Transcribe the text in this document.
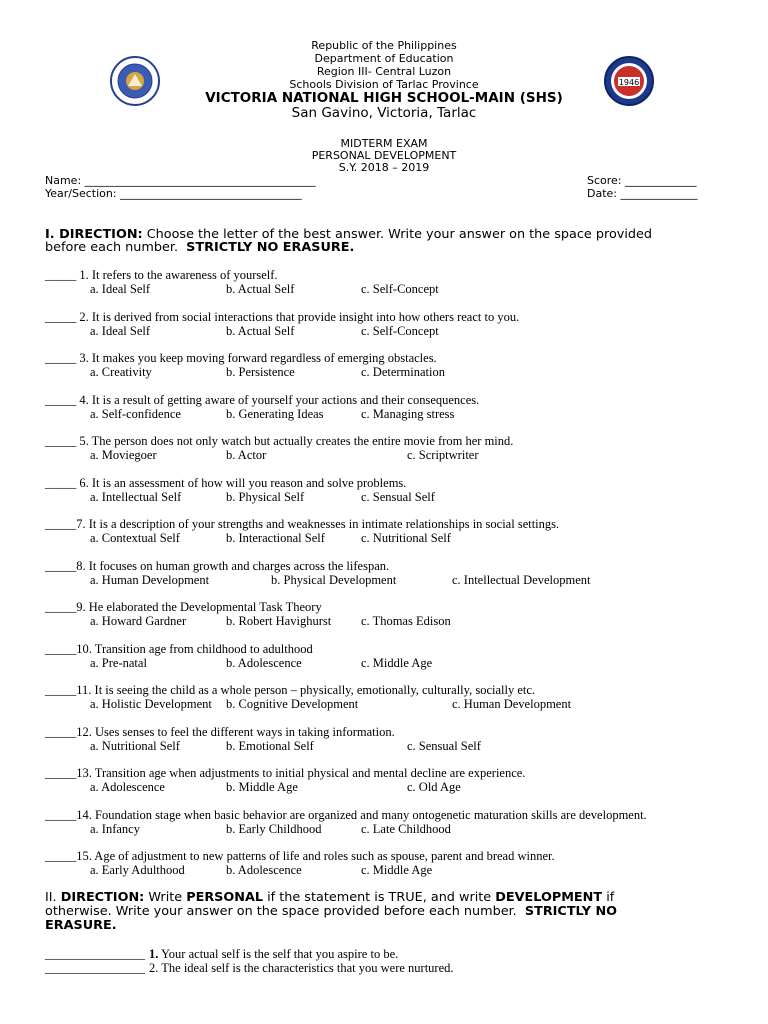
1946
Republic of the Philippines
Department of Education
Region III- Central Luzon
Schools Division of Tarlac Province
VICTORIA NATIONAL HIGH SCHOOL-MAIN (SHS)
San Gavino, Victoria, Tarlac
MIDTERM EXAM
PERSONAL DEVELOPMENT
S.Y. 2018 – 2019
Name: __________________________________________
Year/Section: _________________________________
Score: _____________
Date: ______________
I. DIRECTION: Choose the letter of the best answer. Write your answer on the space provided
before each number. STRICTLY NO ERASURE.
_____ 1. It refers to the awareness of yourself.
a. Ideal Self	b. Actual Self	c. Self-Concept
_____ 2. It is derived from social interactions that provide insight into how others react to you.
a. Ideal Self	b. Actual Self	c. Self-Concept
_____ 3. It makes you keep moving forward regardless of emerging obstacles.
a. Creativity	b. Persistence	c. Determination
_____ 4. It is a result of getting aware of yourself your actions and their consequences.
a. Self-confidence	b. Generating Ideas	c. Managing stress
_____ 5. The person does not only watch but actually creates the entire movie from her mind.
a. Moviegoer	b. Actor	c. Scriptwriter
_____ 6. It is an assessment of how will you reason and solve problems.
a. Intellectual Self	b. Physical Self	c. Sensual Self
_____7. It is a description of your strengths and weaknesses in intimate relationships in social settings.
a. Contextual Self	b. Interactional Self	c. Nutritional Self
_____8. It focuses on human growth and charges across the lifespan.
a. Human Development	b. Physical Development	c. Intellectual Development
_____9. He elaborated the Developmental Task Theory
a. Howard Gardner	b. Robert Havighurst c. Thomas Edison
_____10. Transition age from childhood to adulthood
a. Pre-natal	b. Adolescence	c. Middle Age
_____11. It is seeing the child as a whole person – physically, emotionally, culturally, socially etc.
a. Holistic Development b. Cognitive Development	c. Human Development
_____12. Uses senses to feel the different ways in taking information.
a. Nutritional Self	b. Emotional Self	c. Sensual Self
_____13. Transition age when adjustments to initial physical and mental decline are experience.
a. Adolescence	b. Middle Age	c. Old Age
_____14. Foundation stage when basic behavior are organized and many ontogenetic maturation skills are development.
a. Infancy	b. Early Childhood	c. Late Childhood
_____15. Age of adjustment to new patterns of life and roles such as spouse, parent and bread winner.
a. Early Adulthood	b. Adolescence	c. Middle Age
II. DIRECTION: Write PERSONAL if the statement is TRUE, and write DEVELOPMENT if
otherwise. Write your answer on the space provided before each number. STRICTLY NO
ERASURE.
________________ 1. Your actual self is the self that you aspire to be.
________________ 2. The ideal self is the characteristics that you were nurtured.
